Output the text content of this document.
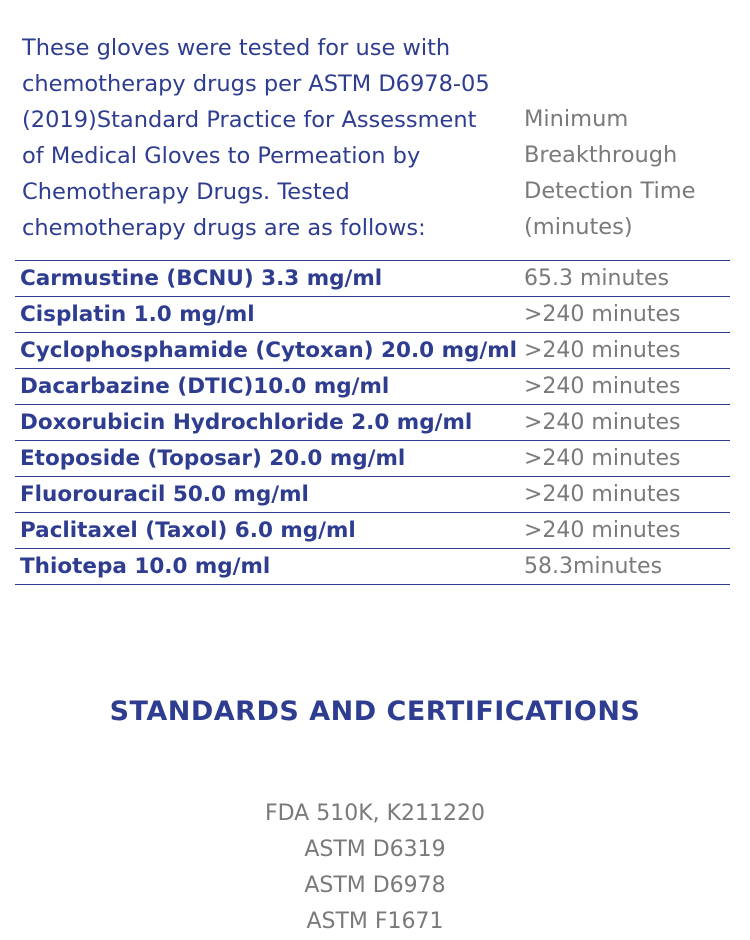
These gloves were tested for use with
chemotherapy drugs per ASTM D6978-05
(2019)Standard Practice for Assessment
of Medical Gloves to Permeation by
Chemotherapy Drugs. Tested
chemotherapy drugs are as follows:
Minimum
Breakthrough
Detection Time
(minutes)
Carmustine (BCNU) 3.3 mg/ml	65.3 minutes
Cisplatin 1.0 mg/ml	>240 minutes
Cyclophosphamide (Cytoxan) 20.0 mg/ml >240 minutes
Dacarbazine (DTIC)10.0 mg/ml	>240 minutes
Doxorubicin Hydrochloride 2.0 mg/ml	>240 minutes
Etoposide (Toposar) 20.0 mg/ml	>240 minutes
Fluorouracil 50.0 mg/ml	>240 minutes
Paclitaxel (Taxol) 6.0 mg/ml	>240 minutes
Thiotepa 10.0 mg/ml	58.3minutes
STANDARDS AND CERTIFICATIONS
FDA 510K, K211220
ASTM D6319
ASTM D6978
ASTM F1671
